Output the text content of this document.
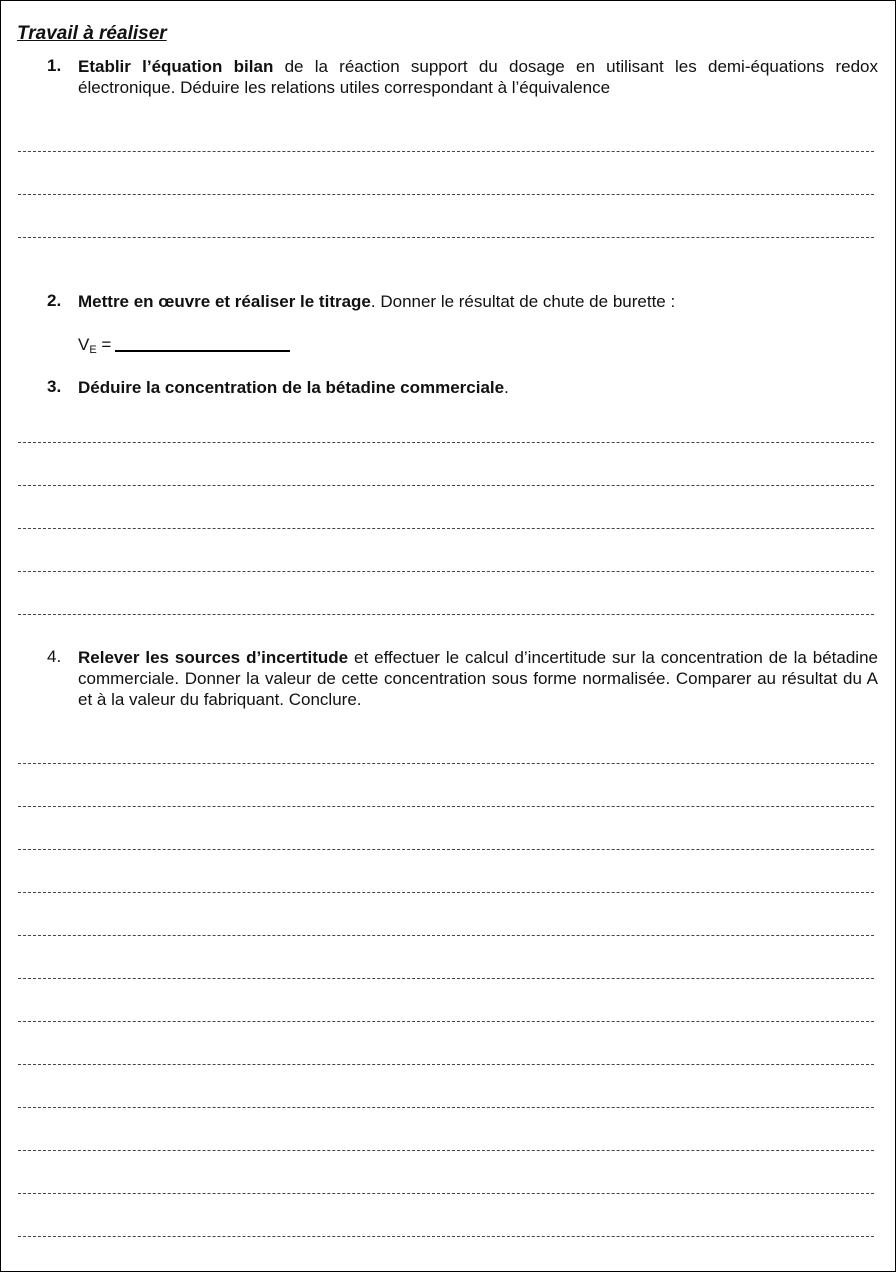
Travail à réaliser
1. Etablir l’équation bilan de la réaction support du dosage en utilisant les demi-équations redox électronique. Déduire les relations utiles correspondant à l’équivalence
2. Mettre en œuvre et réaliser le titrage. Donner le résultat de chute de burette :
$V_E$ =
3. Déduire la concentration de la bétadine commerciale.
4. Relever les sources d’incertitude et effectuer le calcul d’incertitude sur la concentration de la bétadine commerciale. Donner la valeur de cette concentration sous forme normalisée. Comparer au résultat du A et à la valeur du fabriquant. Conclure.
